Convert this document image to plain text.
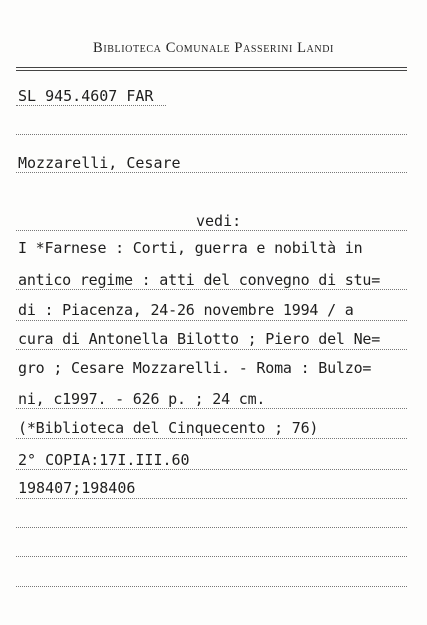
Biblioteca Comunale Passerini Landi
SL 945.4607 FAR
Mozzarelli, Cesare
vedi:
I *Farnese : Corti, guerra e nobiltà in
antico regime : atti del convegno di stu=
di : Piacenza, 24-26 novembre 1994 / a
cura di Antonella Bilotto ; Piero del Ne=
gro ; Cesare Mozzarelli. - Roma : Bulzo=
ni, c1997. - 626 p. ; 24 cm.
(*Biblioteca del Cinquecento ; 76)
2° COPIA:17I.III.60
198407;198406
